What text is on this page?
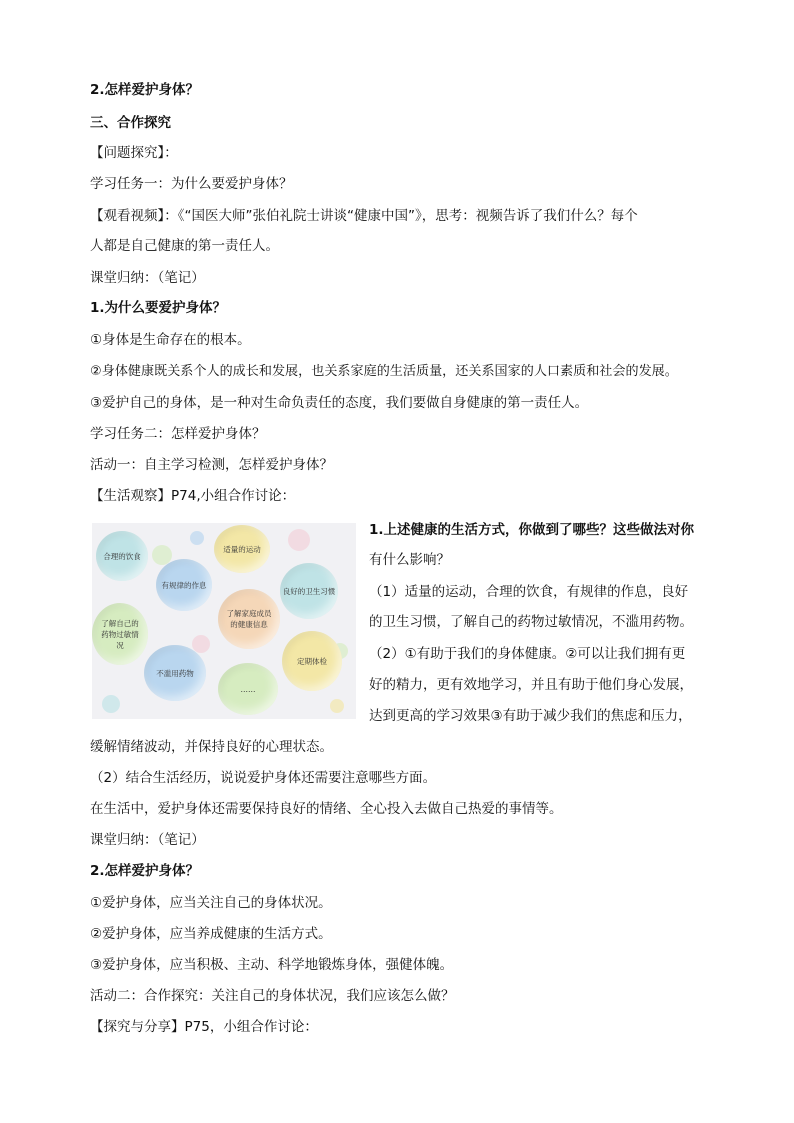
2.怎样爱护身体？
三、合作探究
【问题探究】：
学习任务一：为什么要爱护身体？
【观看视频】：《“国医大师”张伯礼院士讲谈“健康中国”》，思考：视频告诉了我们什么？每个
人都是自己健康的第一责任人。
课堂归纳：（笔记）
1.为什么要爱护身体？
①身体是生命存在的根本。
②身体健康既关系个人的成长和发展，也关系家庭的生活质量，还关系国家的人口素质和社会的发展。
③爱护自己的身体，是一种对生命负责任的态度，我们要做自身健康的第一责任人。
学习任务二：怎样爱护身体？
活动一：自主学习检测，怎样爱护身体？
【生活观察】P74,小组合作讨论：
合理的饮食
适量的运动
有规律的作息
良好的卫生习惯
了解家庭成员的健康信息
了解自己的药物过敏情况
定期体检
不滥用药物
……
1.上述健康的生活方式，你做到了哪些？这些做法对你
有什么影响？
（1）适量的运动，合理的饮食，有规律的作息，良好
的卫生习惯，了解自己的药物过敏情况，不滥用药物。
（2）①有助于我们的身体健康。②可以让我们拥有更
好的精力，更有效地学习，并且有助于他们身心发展，
达到更高的学习效果③有助于减少我们的焦虑和压力，
缓解情绪波动，并保持良好的心理状态。
（2）结合生活经历，说说爱护身体还需要注意哪些方面。
在生活中，爱护身体还需要保持良好的情绪、全心投入去做自己热爱的事情等。
课堂归纳：（笔记）
2.怎样爱护身体？
①爱护身体，应当关注自己的身体状况。
②爱护身体，应当养成健康的生活方式。
③爱护身体，应当积极、主动、科学地锻炼身体，强健体魄。
活动二：合作探究：关注自己的身体状况，我们应该怎么做？
【探究与分享】P75，小组合作讨论：
